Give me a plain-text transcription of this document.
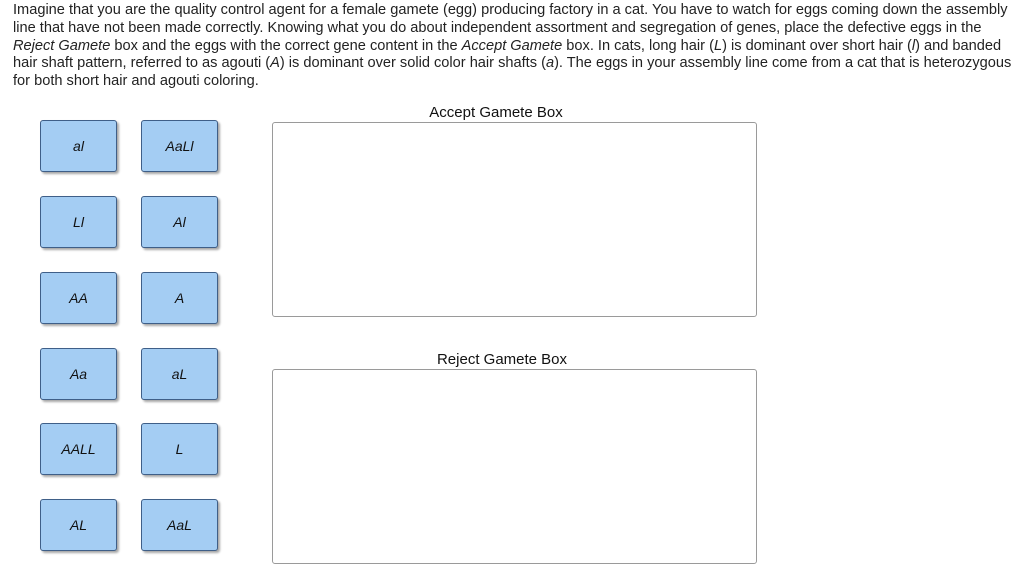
Imagine that you are the quality control agent for a female gamete (egg) producing factory in a cat. You have to watch for eggs coming down the assembly line that have not been made correctly. Knowing what you do about independent assortment and segregation of genes, place the defective eggs in the Reject Gamete box and the eggs with the correct gene content in the Accept Gamete box. In cats, long hair (L) is dominant over short hair (l) and banded hair shaft pattern, referred to as agouti (A) is dominant over solid color hair shafts (a). The eggs in your assembly line come from a cat that is heterozygous for both short hair and agouti coloring.

Accept Gamete Box
Reject Gamete Box
al
Ll
AA
Aa
AALL
AL
AaLl
Al
A
aL
L
AaL
